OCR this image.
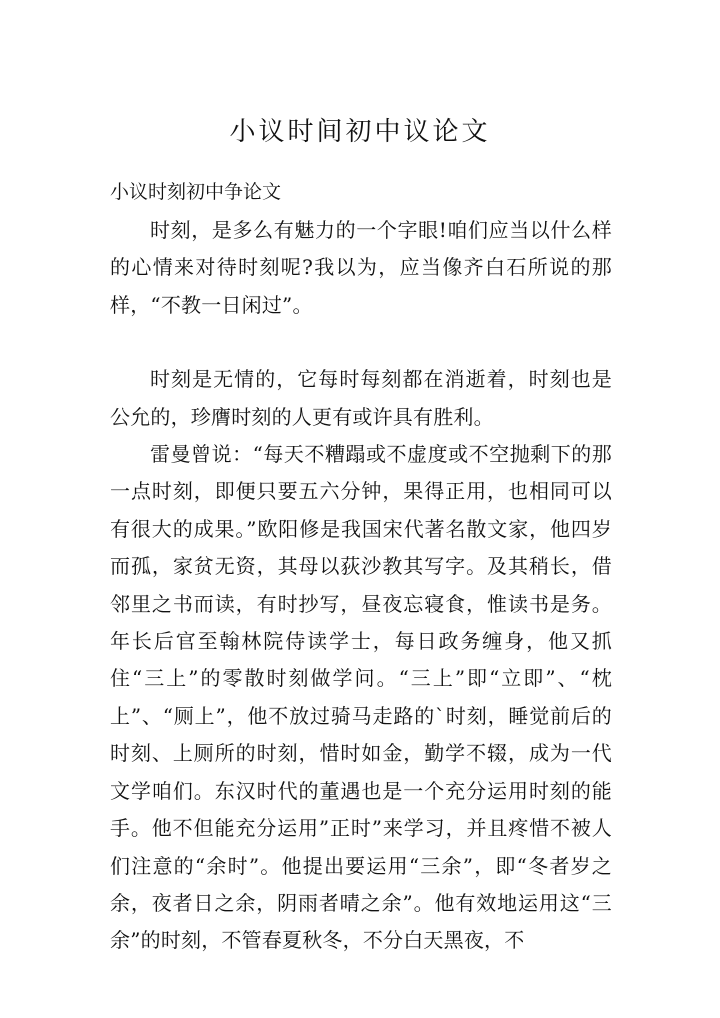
小议时间初中议论文
小议时刻初中争论文

时刻，是多么有魅力的一个字眼!咱们应当以什么样的心情来对待时刻呢?我以为，应当像齐白石所说的那样，“不教一日闲过”。

时刻是无情的，它每时每刻都在消逝着，时刻也是公允的，珍膺时刻的人更有或许具有胜利。

雷曼曾说：“每天不糟蹋或不虚度或不空抛剩下的那一点时刻，即便只要五六分钟，果得正用，也相同可以有很大的成果。”欧阳修是我国宋代著名散文家，他四岁而孤，家贫无资，其母以荻沙教其写字。及其稍长，借邻里之书而读，有时抄写，昼夜忘寝食，惟读书是务。年长后官至翰林院侍读学士，每日政务缠身，他又抓住“三上”的零散时刻做学问。“三上”即“立即”、“枕上”、“厕上”，他不放过骑马走路的`时刻，睡觉前后的时刻、上厕所的时刻，惜时如金，勤学不辍，成为一代文学咱们。东汉时代的董遇也是一个充分运用时刻的能手。他不但能充分运用”正时”来学习，并且疼惜不被人们注意的“余时”。他提出要运用“三余”，即“冬者岁之余，夜者日之余，阴雨者晴之余”。他有效地运用这“三余”的时刻，不管春夏秋冬，不分白天黑夜，不
